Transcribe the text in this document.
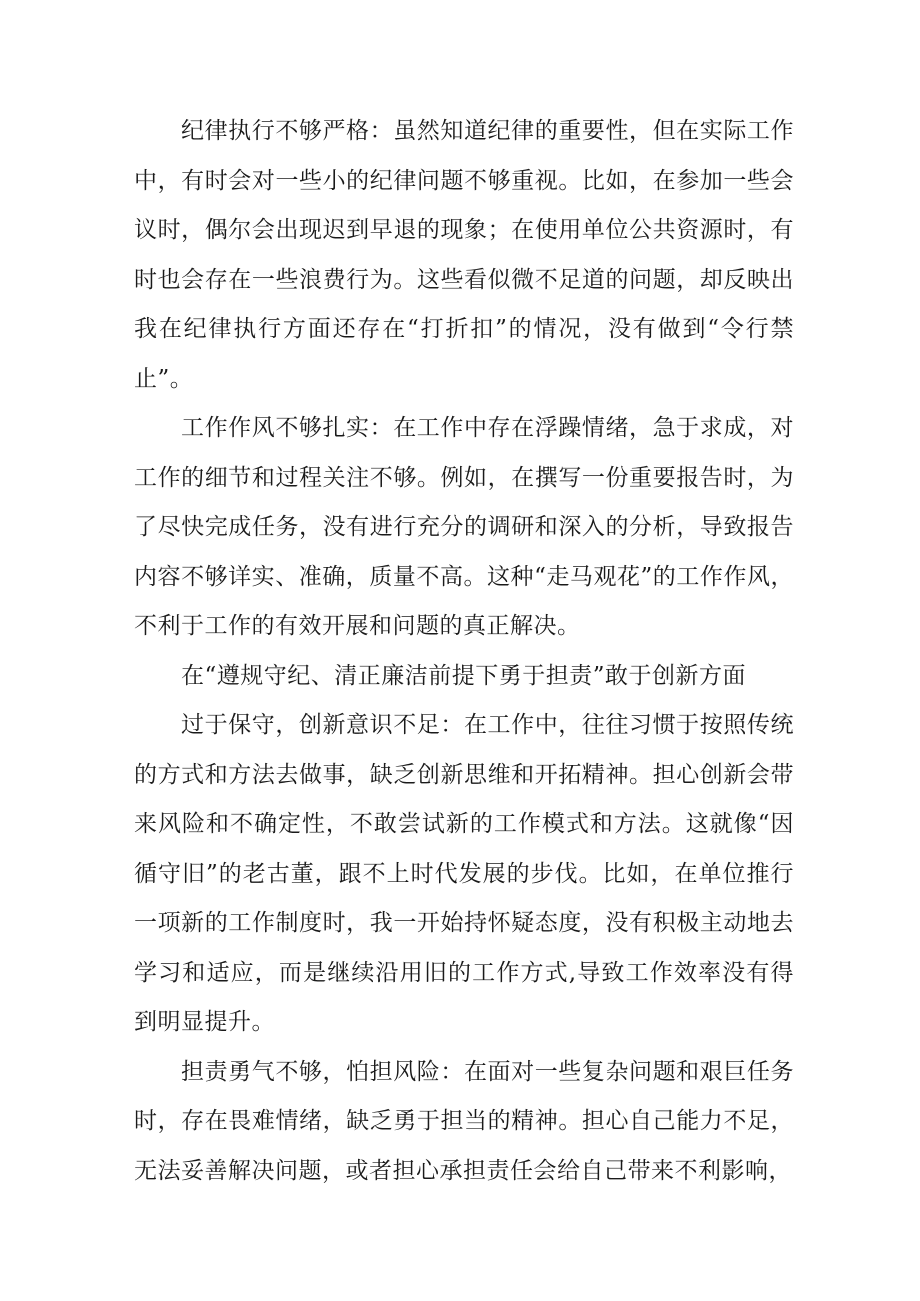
纪律执行不够严格：虽然知道纪律的重要性，但在实际工作中，有时会对一些小的纪律问题不够重视。比如，在参加一些会议时，偶尔会出现迟到早退的现象；在使用单位公共资源时，有时也会存在一些浪费行为。这些看似微不足道的问题，却反映出我在纪律执行方面还存在“打折扣”的情况，没有做到“令行禁止”。

工作作风不够扎实：在工作中存在浮躁情绪，急于求成，对工作的细节和过程关注不够。例如，在撰写一份重要报告时，为了尽快完成任务，没有进行充分的调研和深入的分析，导致报告内容不够详实、准确，质量不高。这种“走马观花”的工作作风，不利于工作的有效开展和问题的真正解决。

在“遵规守纪、清正廉洁前提下勇于担责”敢于创新方面

过于保守，创新意识不足：在工作中，往往习惯于按照传统的方式和方法去做事，缺乏创新思维和开拓精神。担心创新会带来风险和不确定性，不敢尝试新的工作模式和方法。这就像“因循守旧”的老古董，跟不上时代发展的步伐。比如，在单位推行一项新的工作制度时，我一开始持怀疑态度，没有积极主动地去学习和适应，而是继续沿用旧的工作方式,导致工作效率没有得到明显提升。

担责勇气不够，怕担风险：在面对一些复杂问题和艰巨任务时，存在畏难情绪，缺乏勇于担当的精神。担心自己能力不足，无法妥善解决问题，或者担心承担责任会给自己带来不利影响，
